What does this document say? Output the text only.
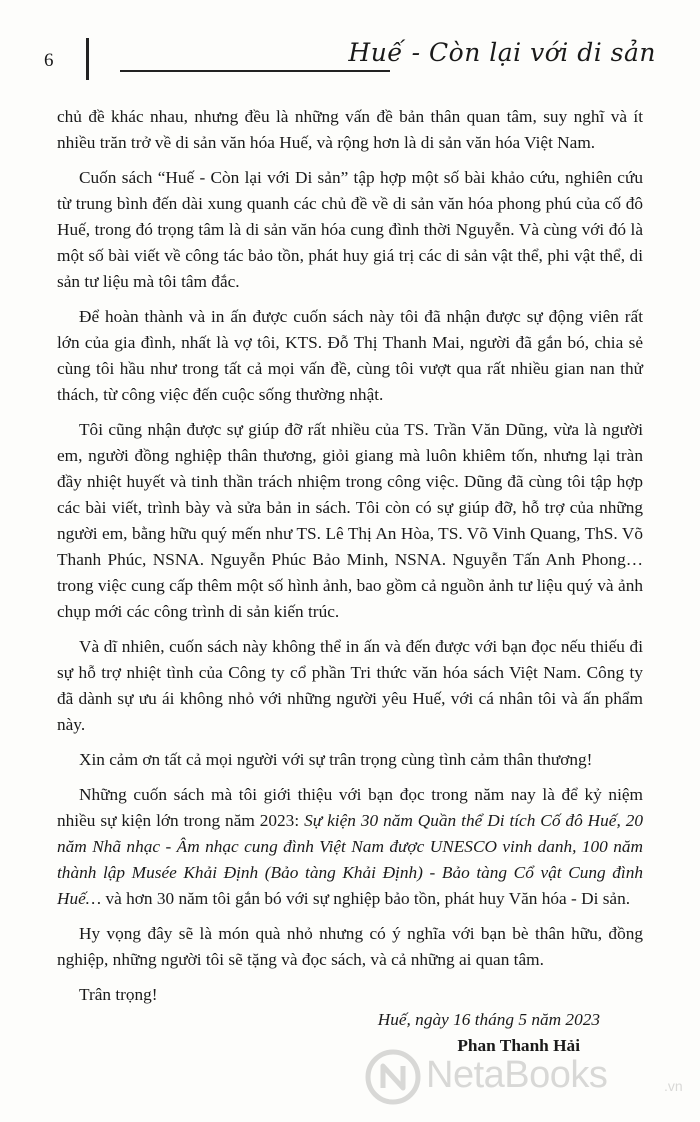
6	Huế - Còn lại với di sản

chủ đề khác nhau, nhưng đều là những vấn đề bản thân quan tâm, suy nghĩ và ít nhiều trăn trở về di sản văn hóa Huế, và rộng hơn là di sản văn hóa Việt Nam.

Cuốn sách “Huế - Còn lại với Di sản” tập hợp một số bài khảo cứu, nghiên cứu từ trung bình đến dài xung quanh các chủ đề về di sản văn hóa phong phú của cố đô Huế, trong đó trọng tâm là di sản văn hóa cung đình thời Nguyễn. Và cùng với đó là một số bài viết về công tác bảo tồn, phát huy giá trị các di sản vật thể, phi vật thể, di sản tư liệu mà tôi tâm đắc.

Để hoàn thành và in ấn được cuốn sách này tôi đã nhận được sự động viên rất lớn của gia đình, nhất là vợ tôi, KTS. Đỗ Thị Thanh Mai, người đã gắn bó, chia sẻ cùng tôi hầu như trong tất cả mọi vấn đề, cùng tôi vượt qua rất nhiều gian nan thử thách, từ công việc đến cuộc sống thường nhật.

Tôi cũng nhận được sự giúp đỡ rất nhiều của TS. Trần Văn Dũng, vừa là người em, người đồng nghiệp thân thương, giỏi giang mà luôn khiêm tốn, nhưng lại tràn đầy nhiệt huyết và tinh thần trách nhiệm trong công việc. Dũng đã cùng tôi tập hợp các bài viết, trình bày và sửa bản in sách. Tôi còn có sự giúp đỡ, hỗ trợ của những người em, bằng hữu quý mến như TS. Lê Thị An Hòa, TS. Võ Vinh Quang, ThS. Võ Thanh Phúc, NSNA. Nguyễn Phúc Bảo Minh, NSNA. Nguyễn Tấn Anh Phong… trong việc cung cấp thêm một số hình ảnh, bao gồm cả nguồn ảnh tư liệu quý và ảnh chụp mới các công trình di sản kiến trúc.

Và dĩ nhiên, cuốn sách này không thể in ấn và đến được với bạn đọc nếu thiếu đi sự hỗ trợ nhiệt tình của Công ty cổ phần Tri thức văn hóa sách Việt Nam. Công ty đã dành sự ưu ái không nhỏ với những người yêu Huế, với cá nhân tôi và ấn phẩm này.

Xin cảm ơn tất cả mọi người với sự trân trọng cùng tình cảm thân thương!

Những cuốn sách mà tôi giới thiệu với bạn đọc trong năm nay là để kỷ niệm nhiều sự kiện lớn trong năm 2023: Sự kiện 30 năm Quần thể Di tích Cố đô Huế, 20 năm Nhã nhạc - Âm nhạc cung đình Việt Nam được UNESCO vinh danh, 100 năm thành lập Musée Khải Định (Bảo tàng Khải Định) - Bảo tàng Cổ vật Cung đình Huế… và hơn 30 năm tôi gắn bó với sự nghiệp bảo tồn, phát huy Văn hóa - Di sản.

Hy vọng đây sẽ là món quà nhỏ nhưng có ý nghĩa với bạn bè thân hữu, đồng nghiệp, những người tôi sẽ tặng và đọc sách, và cả những ai quan tâm.

Trân trọng!

Huế, ngày 16 tháng 5 năm 2023
Phan Thanh Hải
NetaBooks	.vn
